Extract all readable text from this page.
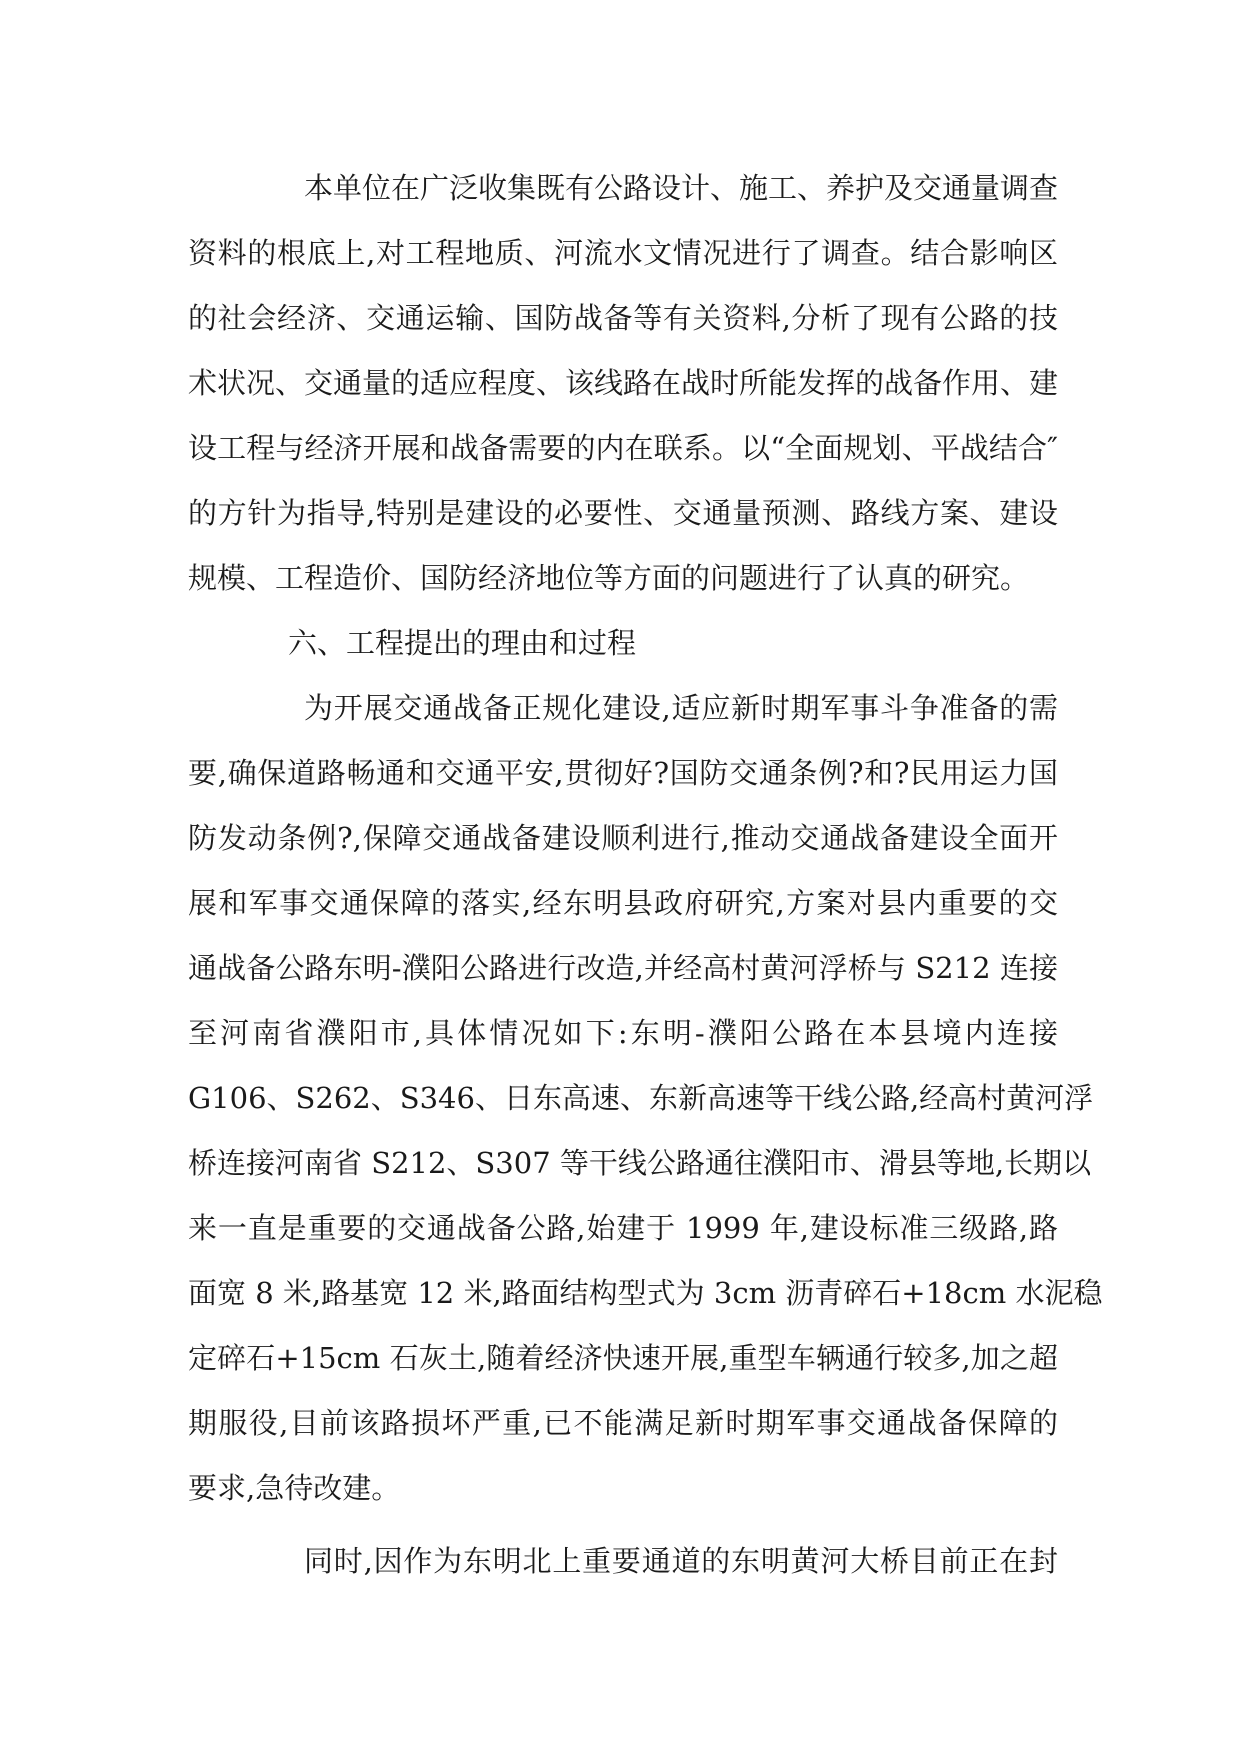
本单位在广泛收集既有公路设计、施工、养护及交通量调查
资料的根底上,对工程地质、河流水文情况进行了调查。结合影响区
的社会经济、交通运输、国防战备等有关资料,分析了现有公路的技
术状况、交通量的适应程度、该线路在战时所能发挥的战备作用、建
设工程与经济开展和战备需要的内在联系。以“全面规划、平战结合″
的方针为指导,特别是建设的必要性、交通量预测、路线方案、建设
规模、工程造价、国防经济地位等方面的问题进行了认真的研究。
六、工程提出的理由和过程
为开展交通战备正规化建设,适应新时期军事斗争准备的需
要,确保道路畅通和交通平安,贯彻好?国防交通条例?和?民用运力国
防发动条例?,保障交通战备建设顺利进行,推动交通战备建设全面开
展和军事交通保障的落实,经东明县政府研究,方案对县内重要的交
通战备公路东明-濮阳公路进行改造,并经高村黄河浮桥与 S212 连接
至河南省濮阳市,具体情况如下:东明-濮阳公路在本县境内连接
G106、S262、S346、日东高速、东新高速等干线公路,经高村黄河浮
桥连接河南省 S212、S307 等干线公路通往濮阳市、滑县等地,长期以
来一直是重要的交通战备公路,始建于 1999 年,建设标准三级路,路
面宽 8 米,路基宽 12 米,路面结构型式为 3cm 沥青碎石+18cm 水泥稳
定碎石+15cm 石灰土,随着经济快速开展,重型车辆通行较多,加之超
期服役,目前该路损坏严重,已不能满足新时期军事交通战备保障的
要求,急待改建。
同时,因作为东明北上重要通道的东明黄河大桥目前正在封
